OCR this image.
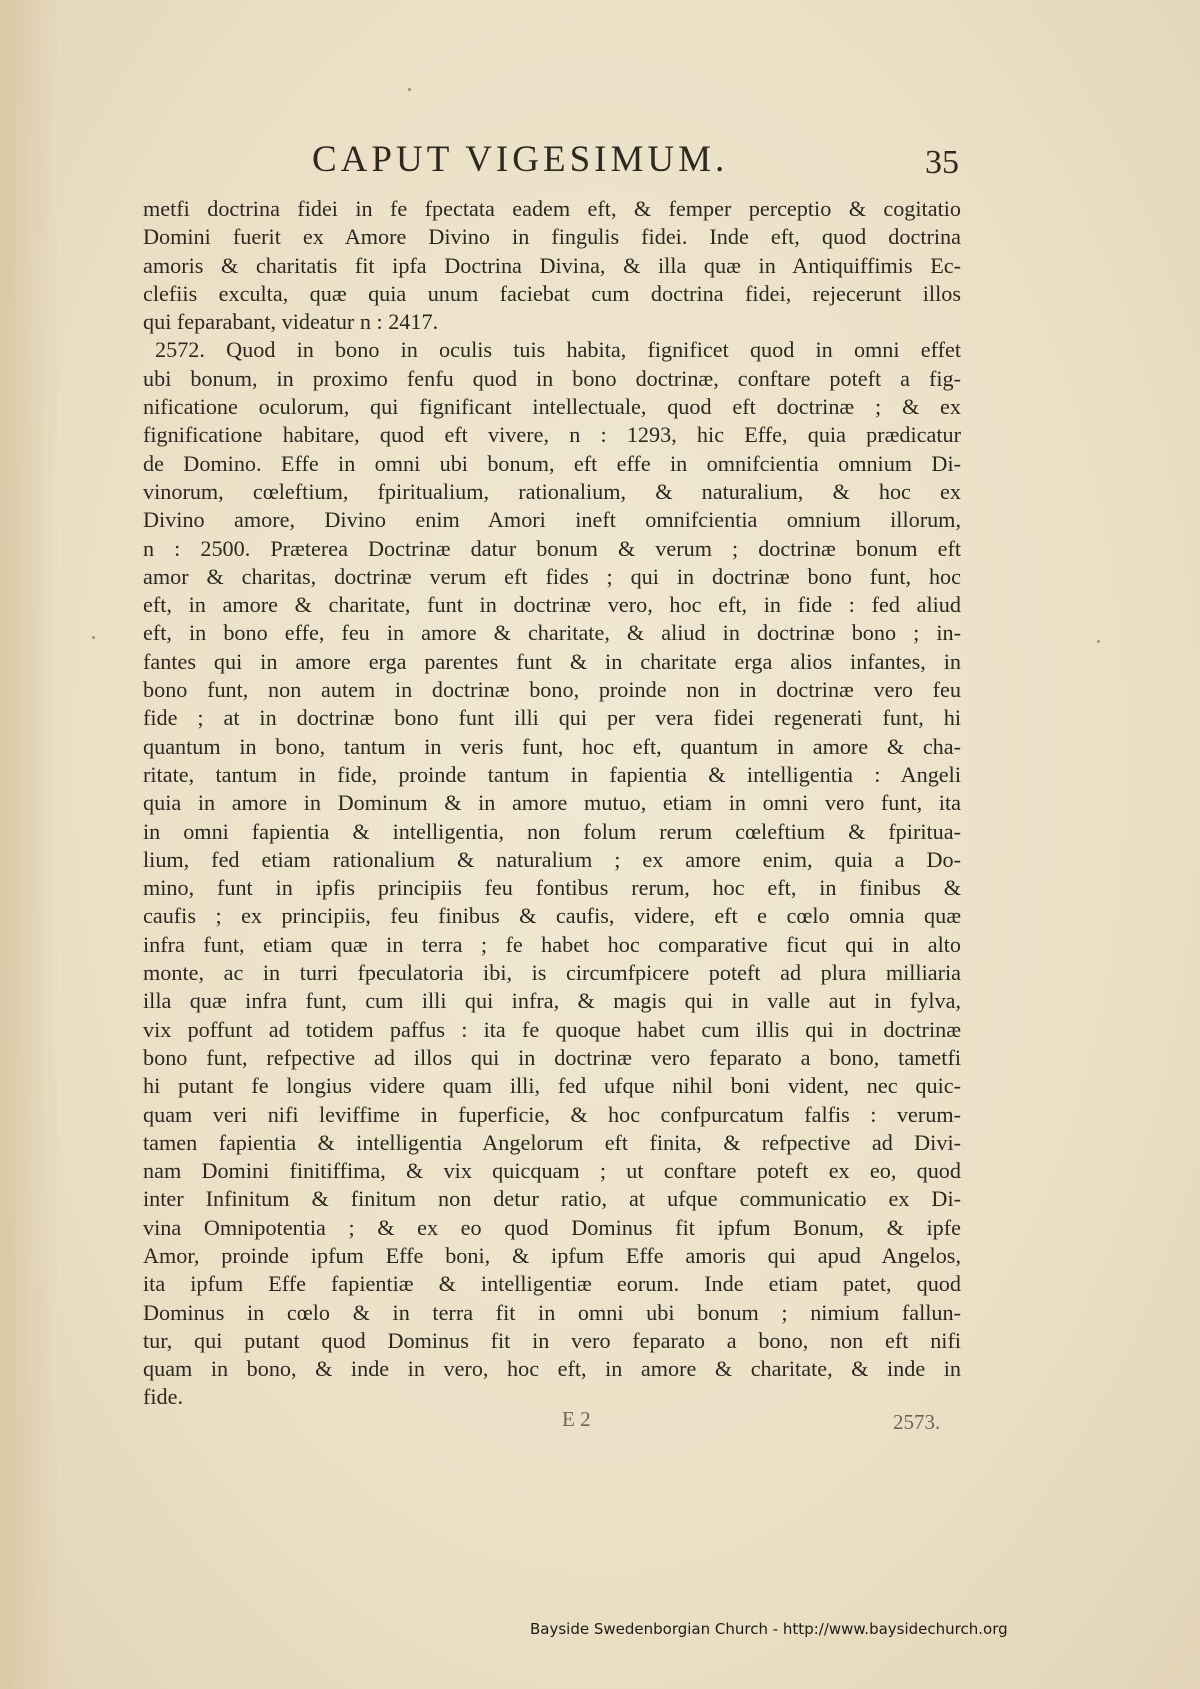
CAPUT VIGESIMUM.	35
metfi doctrina fidei in fe fpectata eadem eft, & femper perceptio & cogitatio
Domini fuerit ex Amore Divino in fingulis fidei. Inde eft, quod doctrina
amoris & charitatis fit ipfa Doctrina Divina, & illa quæ in Antiquiffimis Ec-
clefiis exculta, quæ quia unum faciebat cum doctrina fidei, rejecerunt illos
qui feparabant, videatur n : 2417.
2572. Quod in bono in oculis tuis habita, fignificet quod in omni effet
ubi bonum, in proximo fenfu quod in bono doctrinæ, conftare poteft a fig-
nificatione oculorum, qui fignificant intellectuale, quod eft doctrinæ ; & ex
fignificatione habitare, quod eft vivere, n : 1293, hic Effe, quia prædicatur
de Domino. Effe in omni ubi bonum, eft effe in omnifcientia omnium Di-
vinorum, cœleftium, fpiritualium, rationalium, & naturalium, & hoc ex
Divino amore, Divino enim Amori ineft omnifcientia omnium illorum,
n : 2500. Præterea Doctrinæ datur bonum & verum ; doctrinæ bonum eft
amor & charitas, doctrinæ verum eft fides ; qui in doctrinæ bono funt, hoc
eft, in amore & charitate, funt in doctrinæ vero, hoc eft, in fide : fed aliud
eft, in bono effe, feu in amore & charitate, & aliud in doctrinæ bono ; in-
fantes qui in amore erga parentes funt & in charitate erga alios infantes, in
bono funt, non autem in doctrinæ bono, proinde non in doctrinæ vero feu
fide ; at in doctrinæ bono funt illi qui per vera fidei regenerati funt, hi
quantum in bono, tantum in veris funt, hoc eft, quantum in amore & cha-
ritate, tantum in fide, proinde tantum in fapientia & intelligentia : Angeli
quia in amore in Dominum & in amore mutuo, etiam in omni vero funt, ita
in omni fapientia & intelligentia, non folum rerum cœleftium & fpiritua-
lium, fed etiam rationalium & naturalium ; ex amore enim, quia a Do-
mino, funt in ipfis principiis feu fontibus rerum, hoc eft, in finibus &
caufis ; ex principiis, feu finibus & caufis, videre, eft e cœlo omnia quæ
infra funt, etiam quæ in terra ; fe habet hoc comparative ficut qui in alto
monte, ac in turri fpeculatoria ibi, is circumfpicere poteft ad plura milliaria
illa quæ infra funt, cum illi qui infra, & magis qui in valle aut in fylva,
vix poffunt ad totidem paffus : ita fe quoque habet cum illis qui in doctrinæ
bono funt, refpective ad illos qui in doctrinæ vero feparato a bono, tametfi
hi putant fe longius videre quam illi, fed ufque nihil boni vident, nec quic-
quam veri nifi leviffime in fuperficie, & hoc confpurcatum falfis : verum-
tamen fapientia & intelligentia Angelorum eft finita, & refpective ad Divi-
nam Domini finitiffima, & vix quicquam ; ut conftare poteft ex eo, quod
inter Infinitum & finitum non detur ratio, at ufque communicatio ex Di-
vina Omnipotentia ; & ex eo quod Dominus fit ipfum Bonum, & ipfe
Amor, proinde ipfum Effe boni, & ipfum Effe amoris qui apud Angelos,
ita ipfum Effe fapientiæ & intelligentiæ eorum. Inde etiam patet, quod
Dominus in cœlo & in terra fit in omni ubi bonum ; nimium fallun-
tur, qui putant quod Dominus fit in vero feparato a bono, non eft nifi
quam in bono, & inde in vero, hoc eft, in amore & charitate, & inde in
fide.
E 2	2573.
Bayside Swedenborgian Church - http://www.baysidechurch.org
